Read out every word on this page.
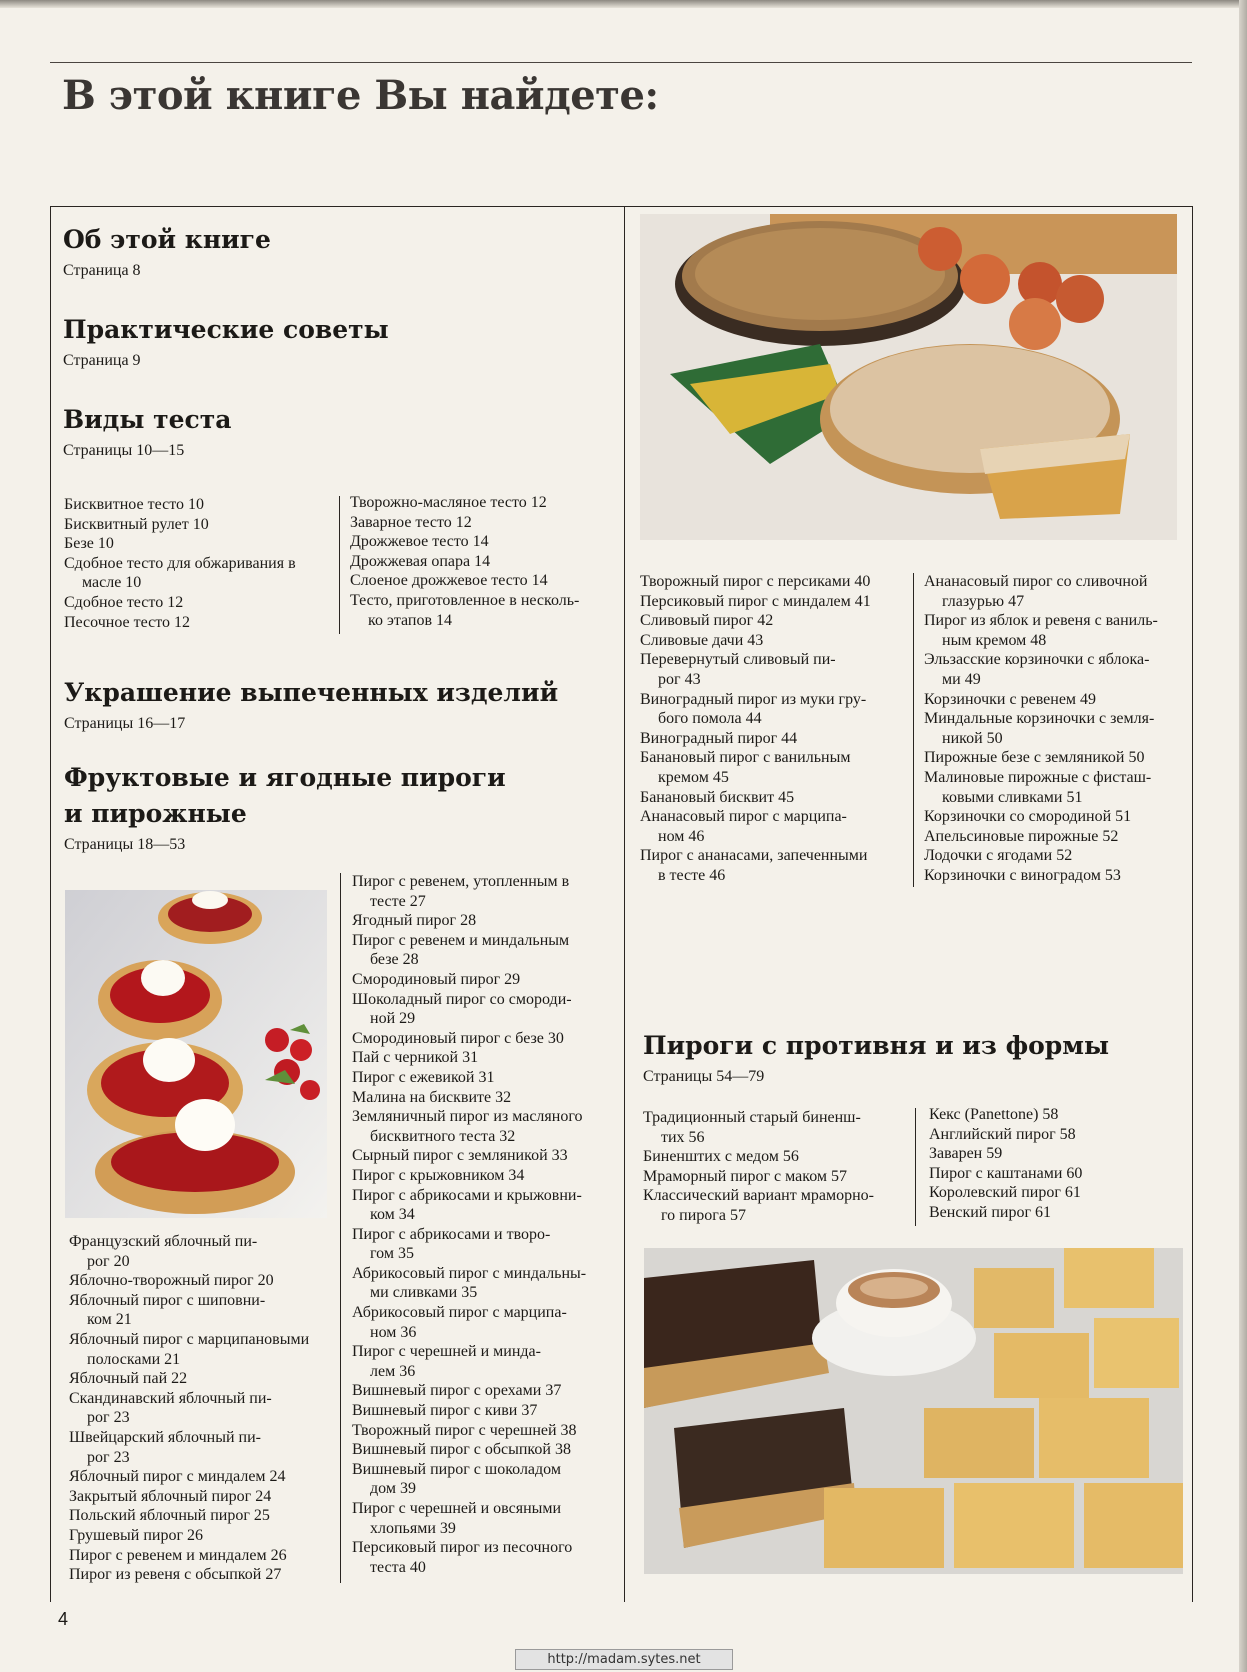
В этой книге Вы найдете:
Об этой книге
Страница 8
Практические советы
Страница 9
Виды теста
Страницы 10—15
Бисквитное тесто 10
Бисквитный рулет 10
Безе 10
Сдобное тесто для обжаривания в
масле 10
Сдобное тесто 12
Песочное тесто 12
Творожно-масляное тесто 12
Заварное тесто 12
Дрожжевое тесто 14
Дрожжевая опара 14
Слоеное дрожжевое тесто 14
Тесто, приготовленное в несколь-
ко этапов 14
Украшение выпеченных изделий
Страницы 16—17
Фруктовые и ягодные пироги
и пирожные
Страницы 18—53
Французский яблочный пи-
рог 20
Яблочно-творожный пирог 20
Яблочный пирог с шиповни-
ком 21
Яблочный пирог с марципановыми
полосками 21
Яблочный пай 22
Скандинавский яблочный пи-
рог 23
Швейцарский яблочный пи-
рог 23
Яблочный пирог с миндалем 24
Закрытый яблочный пирог 24
Польский яблочный пирог 25
Грушевый пирог 26
Пирог с ревенем и миндалем 26
Пирог из ревеня с обсыпкой 27
Пирог с ревенем, утопленным в
тесте 27
Ягодный пирог 28
Пирог с ревенем и миндальным
безе 28
Смородиновый пирог 29
Шоколадный пирог со смороди-
ной 29
Смородиновый пирог с безе 30
Пай с черникой 31
Пирог с ежевикой 31
Малина на бисквите 32
Земляничный пирог из масляного
бисквитного теста 32
Сырный пирог с земляникой 33
Пирог с крыжовником 34
Пирог с абрикосами и крыжовни-
ком 34
Пирог с абрикосами и творо-
гом 35
Абрикосовый пирог с миндальны-
ми сливками 35
Абрикосовый пирог с марципа-
ном 36
Пирог с черешней и минда-
лем 36
Вишневый пирог с орехами 37
Вишневый пирог с киви 37
Творожный пирог с черешней 38
Вишневый пирог с обсыпкой 38
Вишневый пирог с шоколадом
дом 39
Пирог с черешней и овсяными
хлопьями 39
Персиковый пирог из песочного
теста 40
Творожный пирог с персиками 40
Персиковый пирог с миндалем 41
Сливовый пирог 42
Сливовые дачи 43
Перевернутый сливовый пи-
рог 43
Виноградный пирог из муки гру-
бого помола 44
Виноградный пирог 44
Банановый пирог с ванильным
кремом 45
Банановый бисквит 45
Ананасовый пирог с марципа-
ном 46
Пирог с ананасами, запеченными
в тесте 46
Ананасовый пирог со сливочной
глазурью 47
Пирог из яблок и ревеня с ваниль-
ным кремом 48
Эльзасские корзиночки с яблока-
ми 49
Корзиночки с ревенем 49
Миндальные корзиночки с земля-
никой 50
Пирожные безе с земляникой 50
Малиновые пирожные с фисташ-
ковыми сливками 51
Корзиночки со смородиной 51
Апельсиновые пирожные 52
Лодочки с ягодами 52
Корзиночки с виноградом 53
Пироги с противня и из формы
Страницы 54—79
Традиционный старый биненш-
тих 56
Биненштих с медом 56
Мраморный пирог с маком 57
Классический вариант мраморно-
го пирога 57
Кекс (Panettone) 58
Английский пирог 58
Заварен 59
Пирог с каштанами 60
Королевский пирог 61
Венский пирог 61
4
http://madam.sytes.net
